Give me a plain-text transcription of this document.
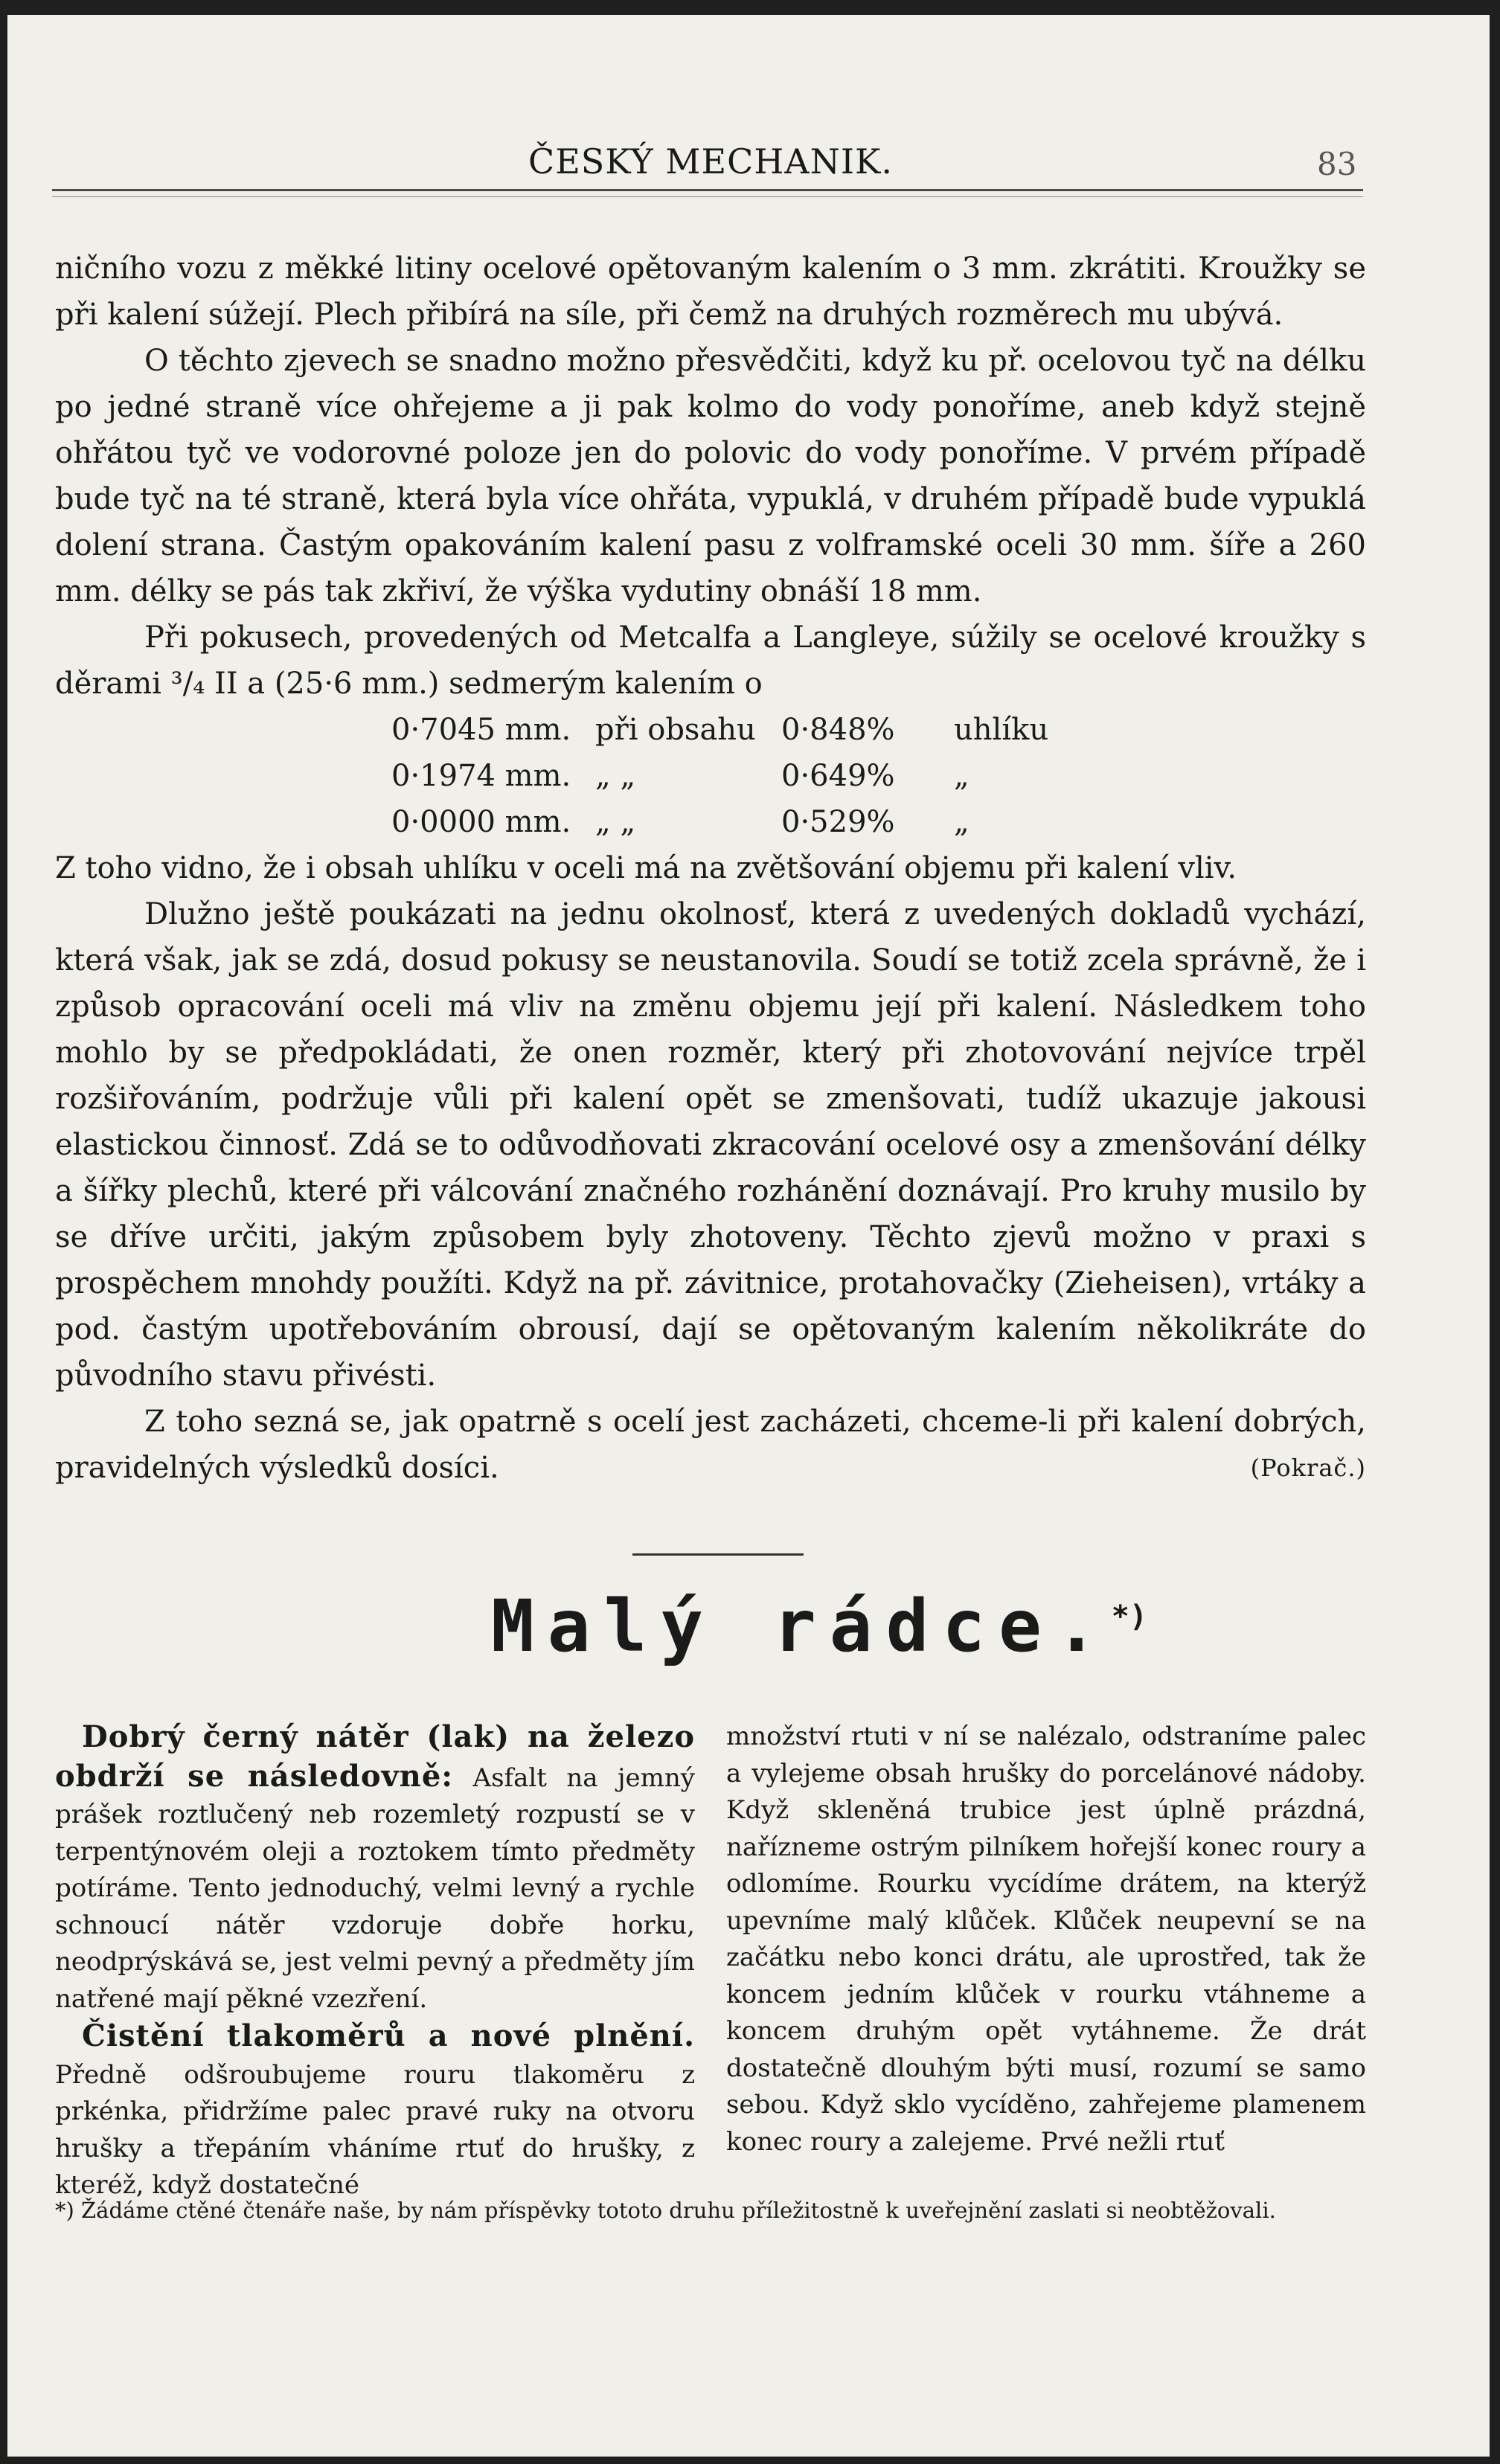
ČESKÝ MECHANIK.	83

ničního vozu z měkké litiny ocelové opětovaným kalením o 3 mm. zkrátiti. Kroužky se při kalení súžejí. Plech přibírá na síle, při čemž na druhých rozměrech mu ubývá.

O těchto zjevech se snadno možno přesvědčiti, když ku př. ocelovou tyč na délku po jedné straně více ohřejeme a ji pak kolmo do vody ponoříme, aneb když stejně ohřátou tyč ve vodorovné poloze jen do polovic do vody ponoříme. V prvém případě bude tyč na té straně, která byla více ohřáta, vypuklá, v druhém případě bude vypuklá dolení strana. Častým opakováním kalení pasu z volframské oceli 30 mm. šíře a 260 mm. délky se pás tak zkřiví, že výška vydutiny obnáší 18 mm.

Při pokusech, provedených od Metcalfa a Langleye, súžily se ocelové kroužky s děrami ³/₄ II a (25·6 mm.) sedmerým kalením o

0·7045 mm. při obsahu 0·848%	uhlíku
0·1974 mm. „ „	0·649%	„
0·0000 mm. „ „	0·529%	„

Z toho vidno, že i obsah uhlíku v oceli má na zvětšování objemu při kalení vliv.

Dlužno ještě poukázati na jednu okolnosť, která z uvedených dokladů vychází, která však, jak se zdá, dosud pokusy se neustanovila. Soudí se totiž zcela správně, že i způsob opracování oceli má vliv na změnu objemu její při kalení. Následkem toho mohlo by se předpokládati, že onen rozměr, který při zhotovování nejvíce trpěl rozšiřováním, podržuje vůli při kalení opět se zmenšovati, tudíž ukazuje jakousi elastickou činnosť. Zdá se to odůvodňovati zkracování ocelové osy a zmenšování délky a šířky plechů, které při válcování značného rozhánění doznávají. Pro kruhy musilo by se dříve určiti, jakým způsobem byly zhotoveny. Těchto zjevů možno v praxi s prospěchem mnohdy použíti. Když na př. závitnice, protahovačky (Zieheisen), vrtáky a pod. častým upotřebováním obrousí, dají se opětovaným kalením několikráte do původního stavu přivésti.

Z toho sezná se, jak opatrně s ocelí jest zacházeti, chceme-li při kalení dobrých, pravidelných výsledků dosíci.	(Pokrač.)

Malý rádce.*)

Dobrý černý nátěr (lak) na železo obdrží se následovně: Asfalt na jemný prášek roztlučený neb rozemletý rozpustí se v terpentýnovém oleji a roztokem tímto předměty potíráme. Tento jednoduchý, velmi levný a rychle schnoucí nátěr vzdoruje dobře horku, neodprýskává se, jest velmi pevný a předměty jím natřené mají pěkné vzezření.

Čistění tlakoměrů a nové plnění. Předně odšroubujeme rouru tlakoměru z prkénka, přidržíme palec pravé ruky na otvoru hrušky a třepáním vháníme rtuť do hrušky, z kteréž, když dostatečné

množství rtuti v ní se nalézalo, odstraníme palec a vylejeme obsah hrušky do porcelánové nádoby. Když skleněná trubice jest úplně prázdná, nařízneme ostrým pilníkem hořejší konec roury a odlomíme. Rourku vycídíme drátem, na kterýž upevníme malý klůček. Klůček neupevní se na začátku nebo konci drátu, ale uprostřed, tak že koncem jedním klůček v rourku vtáhneme a koncem druhým opět vytáhneme. Že drát dostatečně dlouhým býti musí, rozumí se samo sebou. Když sklo vycíděno, zahřejeme plamenem konec roury a zalejeme. Prvé nežli rtuť

*) Žádáme ctěné čtenáře naše, by nám příspěvky tototo druhu příležitostně k uveřejnění zaslati si neobtěžovali.
